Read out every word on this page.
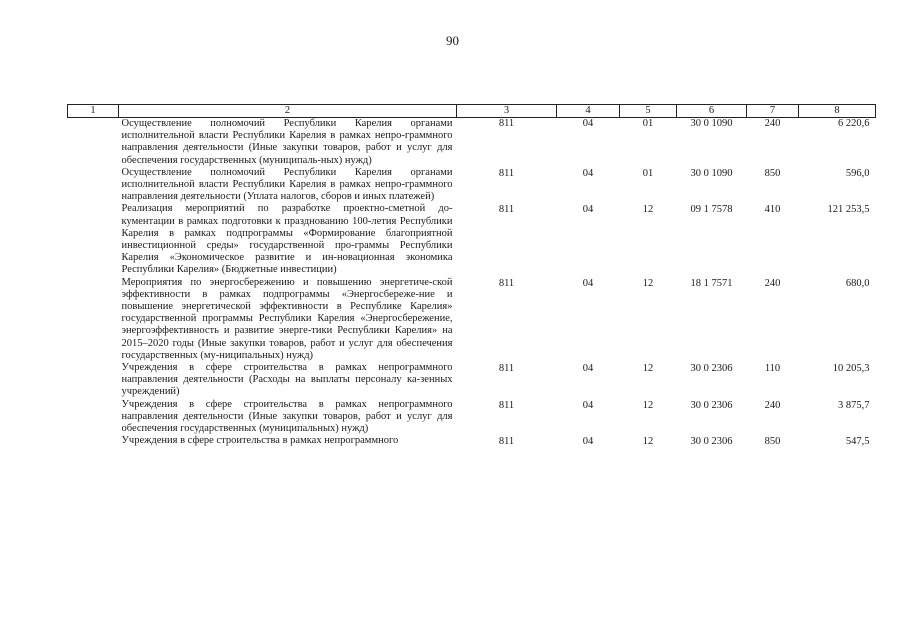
90
1	2	3	4	5	6	7	8
	Осуществление полномочий Республики Карелия органами исполнительной власти Республики Карелия в рамках непро-граммного направления деятельности (Иные закупки товаров, работ и услуг для обеспечения государственных (муниципаль-ных) нужд)	811	04	01	30 0 1090	240	6 220,6
	Осуществление полномочий Республики Карелия органами исполнительной власти Республики Карелия в рамках непро-граммного направления деятельности (Уплата налогов, сборов и иных платежей)	811	04	01	30 0 1090	850	596,0
	Реализация мероприятий по разработке проектно-сметной до-кументации в рамках подготовки к празднованию 100-летия Республики Карелия в рамках подпрограммы «Формирование благоприятной инвестиционной среды» государственной про-граммы Республики Карелия «Экономическое развитие и ин-новационная экономика Республики Карелия» (Бюджетные инвестиции)	811	04	12	09 1 7578	410	121 253,5
	Мероприятия по энергосбережению и повышению энергетиче-ской эффективности в рамках подпрограммы «Энергосбереже-ние и повышение энергетической эффективности в Республике Карелия» государственной программы Республики Карелия «Энергосбережение, энергоэффективность и развитие энерге-тики Республики Карелия» на 2015–2020 годы (Иные закупки товаров, работ и услуг для обеспечения государственных (му-ниципальных) нужд)	811	04	12	18 1 7571	240	680,0
	Учреждения в сфере строительства в рамках непрограммного направления деятельности (Расходы на выплаты персоналу ка-зенных учреждений)	811	04	12	30 0 2306	110	10 205,3
	Учреждения в сфере строительства в рамках непрограммного направления деятельности (Иные закупки товаров, работ и услуг для обеспечения государственных (муниципальных) нужд)	811	04	12	30 0 2306	240	3 875,7
	Учреждения в сфере строительства в рамках непрограммного	811	04	12	30 0 2306	850	547,5
